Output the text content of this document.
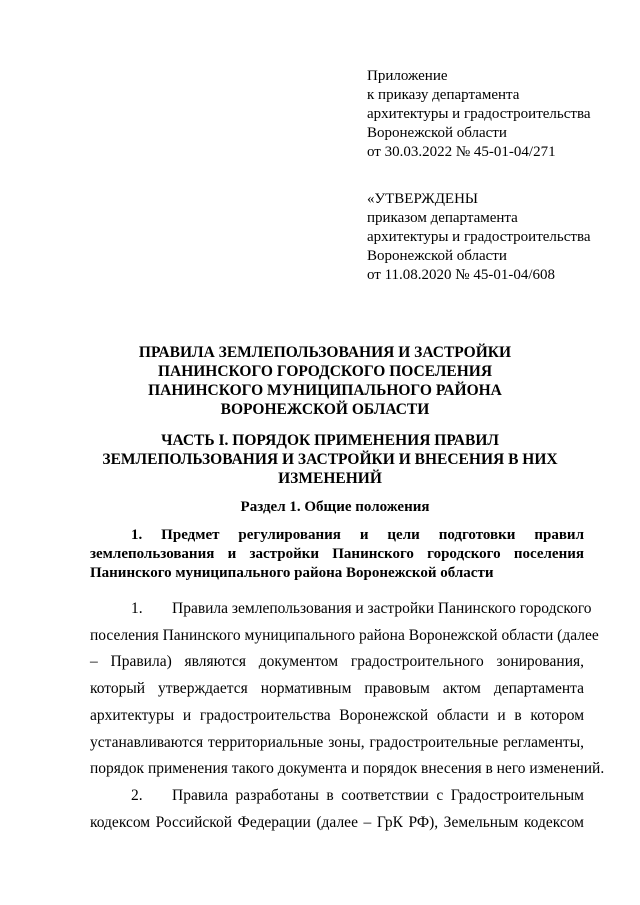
Приложение
к приказу департамента
архитектуры и градостроительства
Воронежской области
от 30.03.2022 № 45-01-04/271
«УТВЕРЖДЕНЫ
приказом департамента
архитектуры и градостроительства
Воронежской области
от 11.08.2020 № 45-01-04/608
ПРАВИЛА ЗЕМЛЕПОЛЬЗОВАНИЯ И ЗАСТРОЙКИ
ПАНИНСКОГО ГОРОДСКОГО ПОСЕЛЕНИЯ
ПАНИНСКОГО МУНИЦИПАЛЬНОГО РАЙОНА
ВОРОНЕЖСКОЙ ОБЛАСТИ
ЧАСТЬ I. ПОРЯДОК ПРИМЕНЕНИЯ ПРАВИЛ
ЗЕМЛЕПОЛЬЗОВАНИЯ И ЗАСТРОЙКИ И ВНЕСЕНИЯ В НИХ
ИЗМЕНЕНИЙ
Раздел 1. Общие положения
1. Предмет регулирования и цели подготовки правил
землепользования и застройки Панинского городского поселения
Панинского муниципального района Воронежской области
1. Правила землепользования и застройки Панинского городского
поселения Панинского муниципального района Воронежской области (далее
– Правила) являются документом градостроительного зонирования,
который утверждается нормативным правовым актом департамента
архитектуры и градостроительства Воронежской области и в котором
устанавливаются территориальные зоны, градостроительные регламенты,
порядок применения такого документа и порядок внесения в него изменений.
2. Правила разработаны в соответствии с Градостроительным
кодексом Российской Федерации (далее – ГрК РФ), Земельным кодексом
